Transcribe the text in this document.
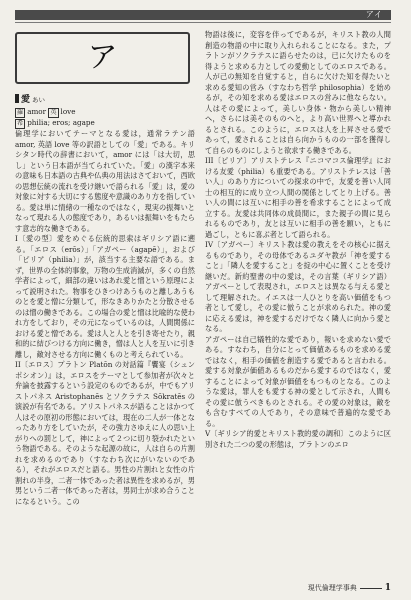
アイ
ア
愛 あい

羅 amor 英 love

希 philia; eros; agape

倫理学においてテーマとなる愛は，通常ラテン語 amor, 英語 love 等の訳語としての「愛」である。キリシタン時代の辞書において，amor には「は大切，思し」という日本語が当てられていた。「愛」の漢字本来の意味も日本語の古典や仏典の用法はさておいて，西欧の思想伝統の流れを受け継いで語られる「愛」は，愛の対象に対する大切にする態度や意識のあり方を指している。愛は単に情緒の一種なのではなく，現実の振舞いとなって現れる人の態度であり，あるいは振舞いをもたらす意志的な働きである。

I〔愛の型〕愛をめぐる伝統的思索はギリシア語に遡る。「エロス（erōs）」「アガペー（agapē）」，および「ピリア（philia）」が，該当する主要な語である。まず，世界の全体的事象，万物の生成消滅が，多くの自然学者によって，細部の違いはあれ愛と憎という原理によって説明された。物事をひきつけあうものと離しあうものとを愛と憎に分類して，形なきありかたと分散させるのは憎の働きである。この場合の愛と憎は比喩的な使われ方をしており，その元になっているのは，人間関係における愛と憎である。愛は人と人とを引き寄せたり，親和的に結びつける方向に働き，憎は人と人を互いに引き離し，敵対させる方向に働くものと考えられている。

II〔エロス〕プラトン Platōn の対話篇『饗宴（シュンポシオン）』は，エロスをテーマとして参加者が次々と弁論を披露するという設定のものであるが，中でもアリストパネス Aristophanēs とソクラテス Sōkratēs の演説が有名である。アリストパネスが語ることはかつて人はその原初の形態においては，現在の二人が一体となったあり方をしていたが，その強力さゆえに人の思い上がりへの罰として，神によって２つに切り裂かれたという物語である。そのような起源の故に，人は自らの片割れを求めるのであり（すなわち次にがいないのである），それがエロスだと語る。男性の片割れと女性の片割れの半身，二者一体であった者は異性を求めるが，男男という二者一体であった者は，男同士が求め合うことになるという。この

物語は後に，変容を伴ってであるが，キリスト教の人間創造の物語の中に取り入れられることになる。また，プラトンがソクラテスに語らせたのは，已に欠けたものを得ようと求める力としての愛動としてのエロスである。人が己の無知を自覚すると，自らに欠けた知を得たいと求める愛知の営み（すなわち哲学 philosophia）を始めるが，その知を求める愛はエロスの営みに他ならない。人はその愛によって，美しい身体・物から美しい精神へ，さらには美そのものへと，より高い世界へと導かれるとされる。このように，エロスは人を上昇させる愛であって，愛されることは自ら向かうものの一部を獲得して自らのものにしようと欲求する働きである。

III〔ピリア〕アリストテレス『ニコマコス倫理学』における友愛（philia）も重要である。アリストテレスは「善い人」のあり方についての探求の中で，友愛を善い人同士の相互的に成り立つ人間の関係としてとり上げる。善い人の間には互いに相手の善を希求することによって成立する。友愛は共同体の成員間に，また親子の間に見られるものであり，友とは互いに相手の善を願い，ともに過ごし，ともに喜ぶ者として語られる。

IV〔アガペー〕キリスト教は愛の教えをその核心に据えるものであり，その母体であるユダヤ教が「神を愛すること」「隣人を愛すること」を掟の中心に置くことを受け継いだ。新約聖書の中の愛は，その言葉（ギリシア語）アガペーとして表現され，エロスとは異なる与える愛として理解された。イエスは一人ひとりを高い価値をもつ者として愛し，その愛に倣うことが求められた。神の愛に応える愛は，神を愛するだけでなく隣人に向かう愛となる。

アガペーは自己犠牲的な愛であり，報いを求めない愛である。すなわち，自分にとって価値あるものを求める愛ではなく，相手の価値を創造する愛であると言われる。愛する対象が価値あるものだから愛するのではなく，愛することによって対象が価値をもつものとなる。このような愛は，罪人をも愛する神の愛として示され，人間もその愛に倣うべきものとされる。その愛の対象は，敵をも含むすべての人であり，その意味で普遍的な愛である。

V〔ギリシア的愛とキリスト教的愛の調和〕このように区別された二つの愛の形態は，プラトンのエロ

現代倫理学事典	1
